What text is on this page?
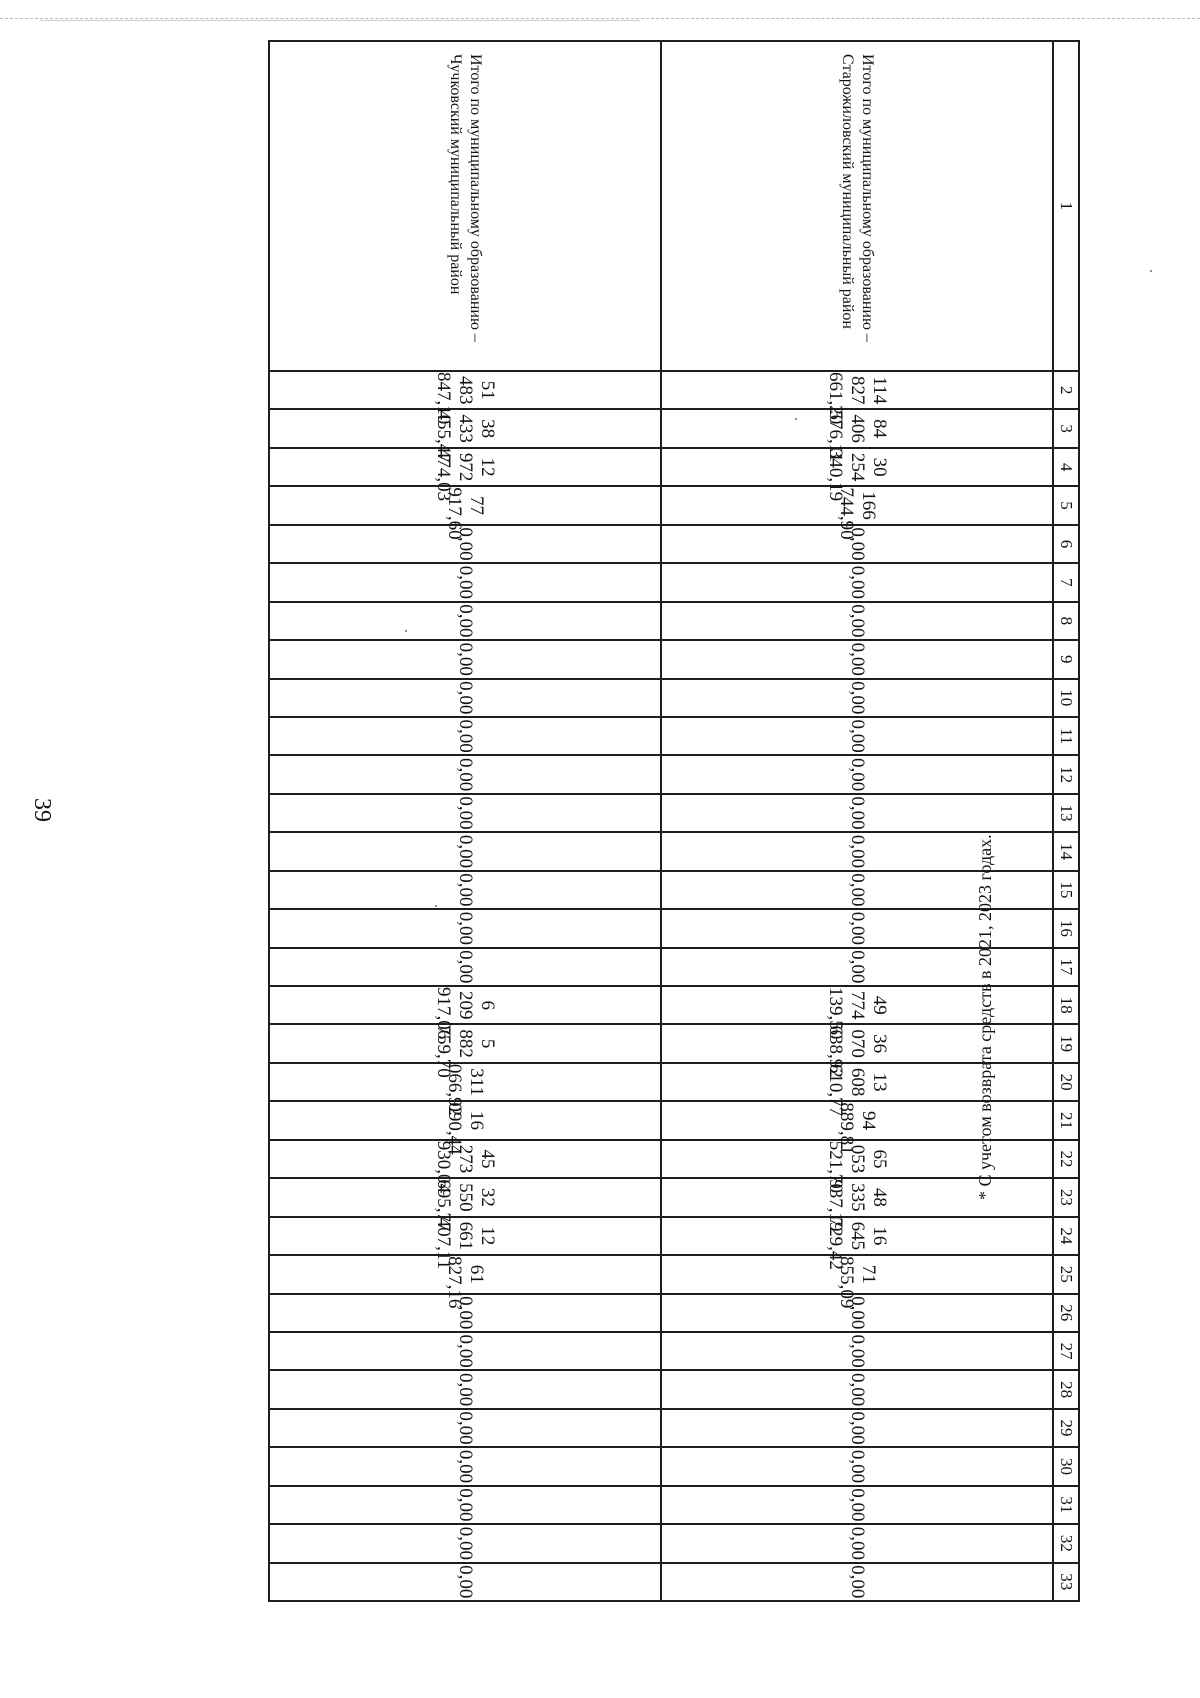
39
1	2	3	4	5	6	7	8	9	10	11	12	13	14	15	16	17	18	19	20	21	22	23	24	25	26	27	28	29	30	31	32	33
Итого по муниципальному образованию – Старожиловский муниципальный район	114 827 661,20	84 406 576,11	30 254 340,19	166 744,90	0,00	0,00	0,00	0,00	0,00	0,00	0,00	0,00	0,00	0,00	0,00	0,00	49 774 139,50	36 070 638,92	13 608 610,77	94 889,81	65 053 521,70	48 335 937,19	16 645 729,42	71 855,09	0,00	0,00	0,00	0,00	0,00	0,00	0,00	0,00
Итого по муниципальному образованию – Чучковский муниципальный район	51 483 847,10	38 433 455,47	12 972 474,03	77 917,60	0,00	0,00	0,00	0,00	0,00	0,00	0,00	0,00	0,00	0,00	0,00	0,00	6 209 917,06	5 882 759,70	311 066,92	16 090,44	45 273 930,04	32 550 695,77	12 661 407,11	61 827,16	0,00	0,00	0,00	0,00	0,00	0,00	0,00	0,00
* С учетом возврата средств в 2021, 2023 годах.
